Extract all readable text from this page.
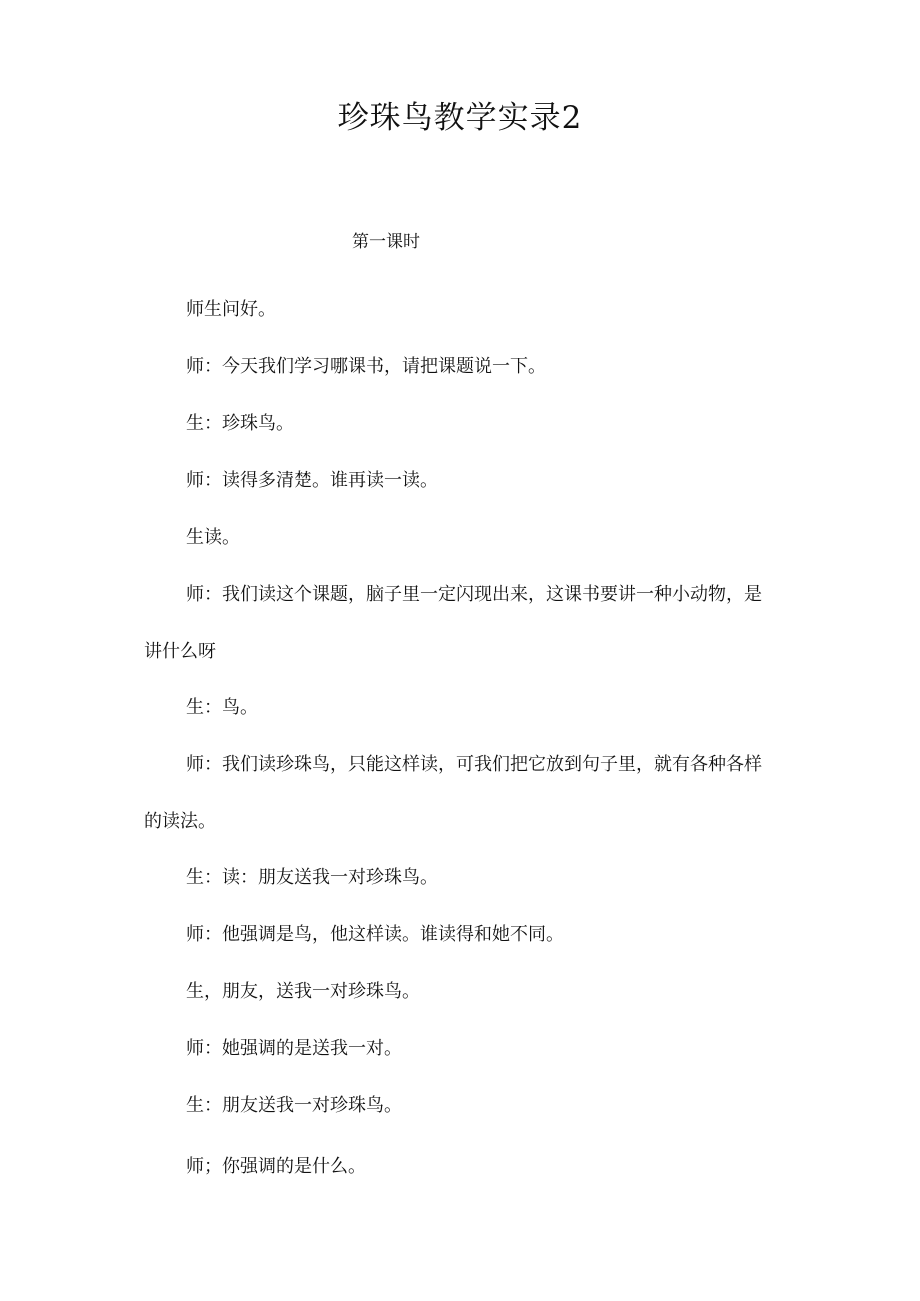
珍珠鸟教学实录2

第一课时

师生问好。

师：今天我们学习哪课书，请把课题说一下。

生：珍珠鸟。

师：读得多清楚。谁再读一读。

生读。

师：我们读这个课题，脑子里一定闪现出来，这课书要讲一种小动物，是讲什么呀

生：鸟。

师：我们读珍珠鸟，只能这样读，可我们把它放到句子里，就有各种各样的读法。

生：读：朋友送我一对珍珠鸟。

师：他强调是鸟，他这样读。谁读得和她不同。

生，朋友，送我一对珍珠鸟。

师：她强调的是送我一对。

生：朋友送我一对珍珠鸟。

师；你强调的是什么。
